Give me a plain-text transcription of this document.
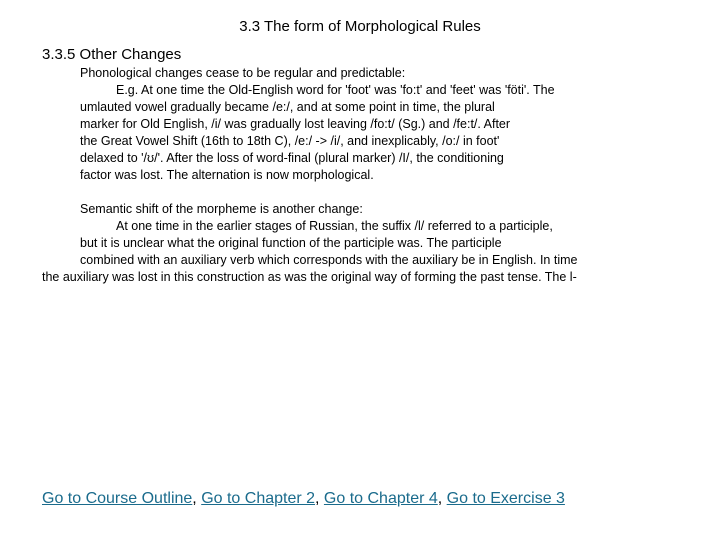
3.3 The form of Morphological Rules
3.3.5 Other Changes
Phonological changes cease to be regular and predictable:
E.g. At one time the Old-English word for 'foot' was 'fo:t' and 'feet' was 'föti'. The
umlauted vowel gradually became /e:/, and at some point in time, the plural
marker for Old English, /i/ was gradually lost leaving /fo:t/ (Sg.) and /fe:t/. After
the Great Vowel Shift (16th to 18th C), /e:/ -> /i/, and inexplicably, /o:/ in foot'
delaxed to '/ʊ/'. After the loss of word-final (plural marker) /I/, the conditioning
factor was lost. The alternation is now morphological.
Semantic shift of the morpheme is another change:
At one time in the earlier stages of Russian, the suffix /l/ referred to a participle,
but it is unclear what the original function of the participle was. The participle
combined with an auxiliary verb which corresponds with the auxiliary be in English. In time
the auxiliary was lost in this construction as was the original way of forming the past tense. The l-
Go to Course Outline, Go to Chapter 2, Go to Chapter 4, Go to Exercise 3
